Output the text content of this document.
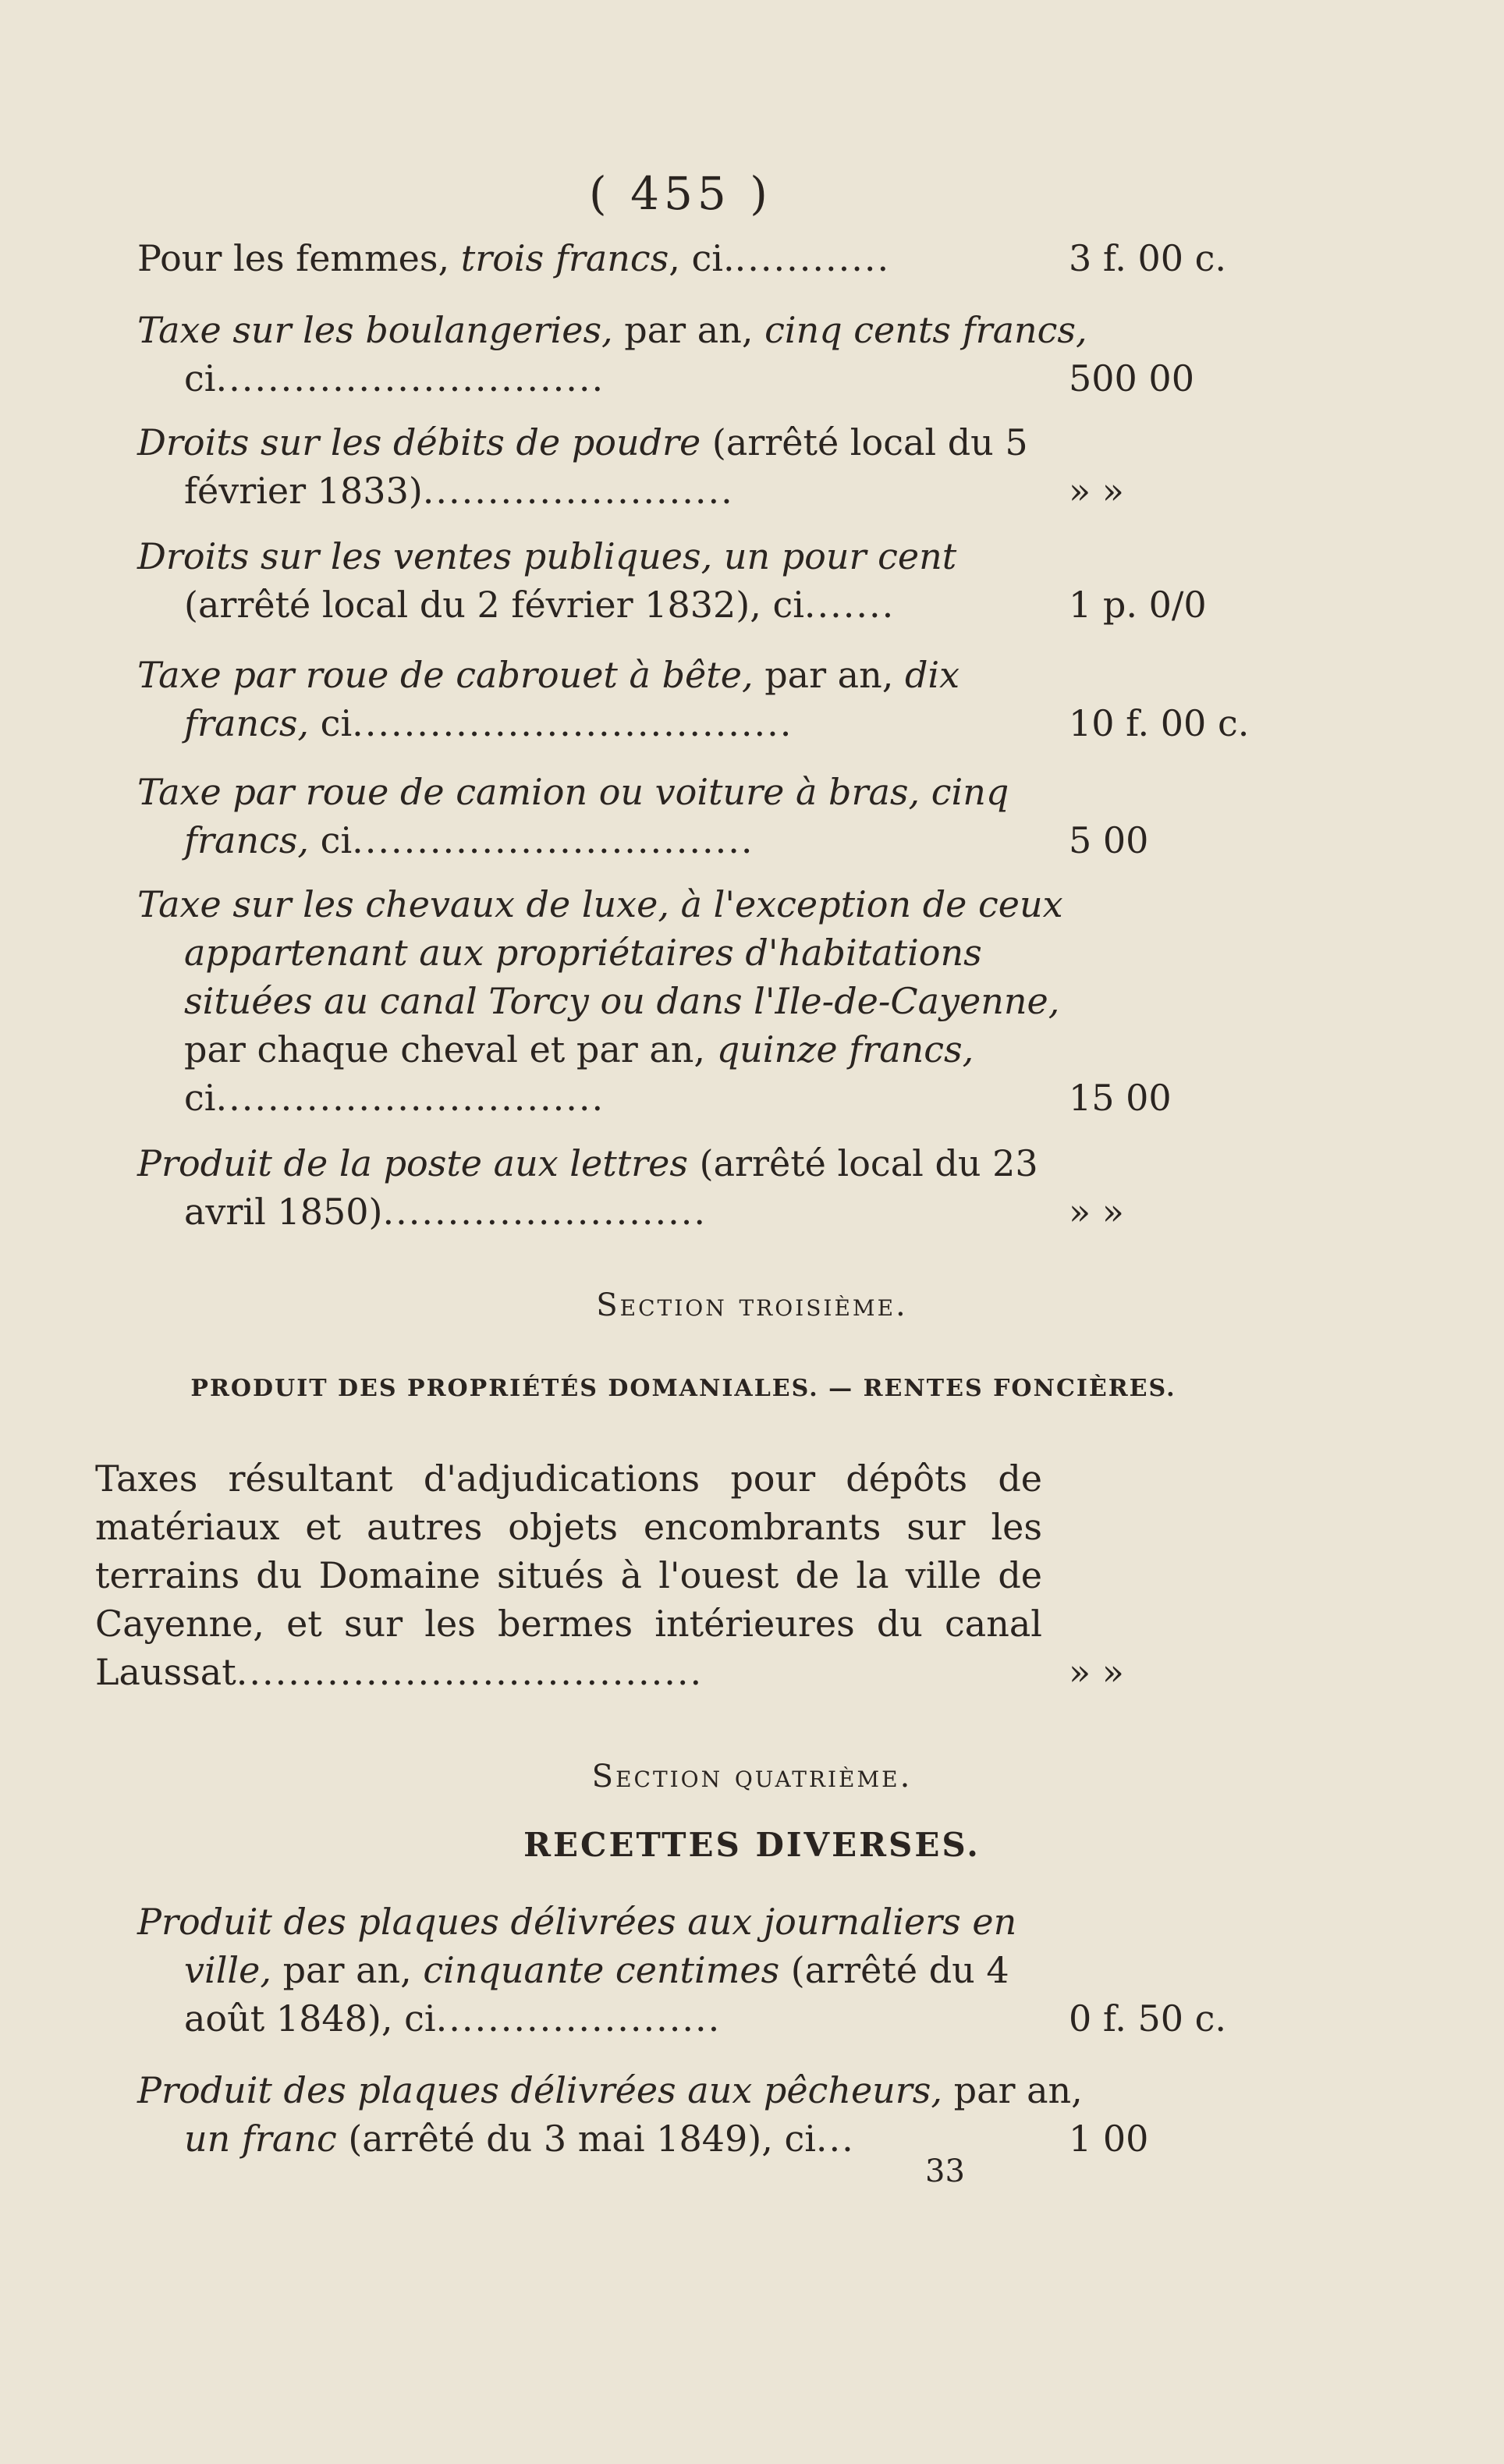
( 455 )
Pour les femmes, trois francs, ci.............	3 f. 00 c.
Taxe sur les boulangeries, par an, cinq cents francs, ci..............................	500 00
Droits sur les débits de poudre (arrêté local du 5 février 1833)........................	» »
Droits sur les ventes publiques, un pour cent (arrêté local du 2 février 1832), ci.......	1 p. 0/0
Taxe par roue de cabrouet à bête, par an, dix francs, ci..................................	10 f. 00 c.
Taxe par roue de camion ou voiture à bras, cinq francs, ci...............................	5 00
Taxe sur les chevaux de luxe, à l'exception de ceux appartenant aux propriétaires d'habitations situées au canal Torcy ou dans l'Ile-de-Cayenne, par chaque cheval et par an, quinze francs, ci..............................	15 00
Produit de la poste aux lettres (arrêté local du 23 avril 1850).........................	» »
Section troisième.
PRODUIT DES PROPRIÉTÉS DOMANIALES. — RENTES FONCIÈRES.
Taxes résultant d'adjudications pour dépôts de matériaux et autres objets encombrants sur les terrains du Domaine situés à l'ouest de la ville de Cayenne, et sur les bermes intérieures du canal Laussat....................................	» »
Section quatrième.
RECETTES DIVERSES.
Produit des plaques délivrées aux journaliers en ville, par an, cinquante centimes (arrêté du 4 août 1848), ci......................	0 f. 50 c.
Produit des plaques délivrées aux pêcheurs, par an, un franc (arrêté du 3 mai 1849), ci...	1 00
33
